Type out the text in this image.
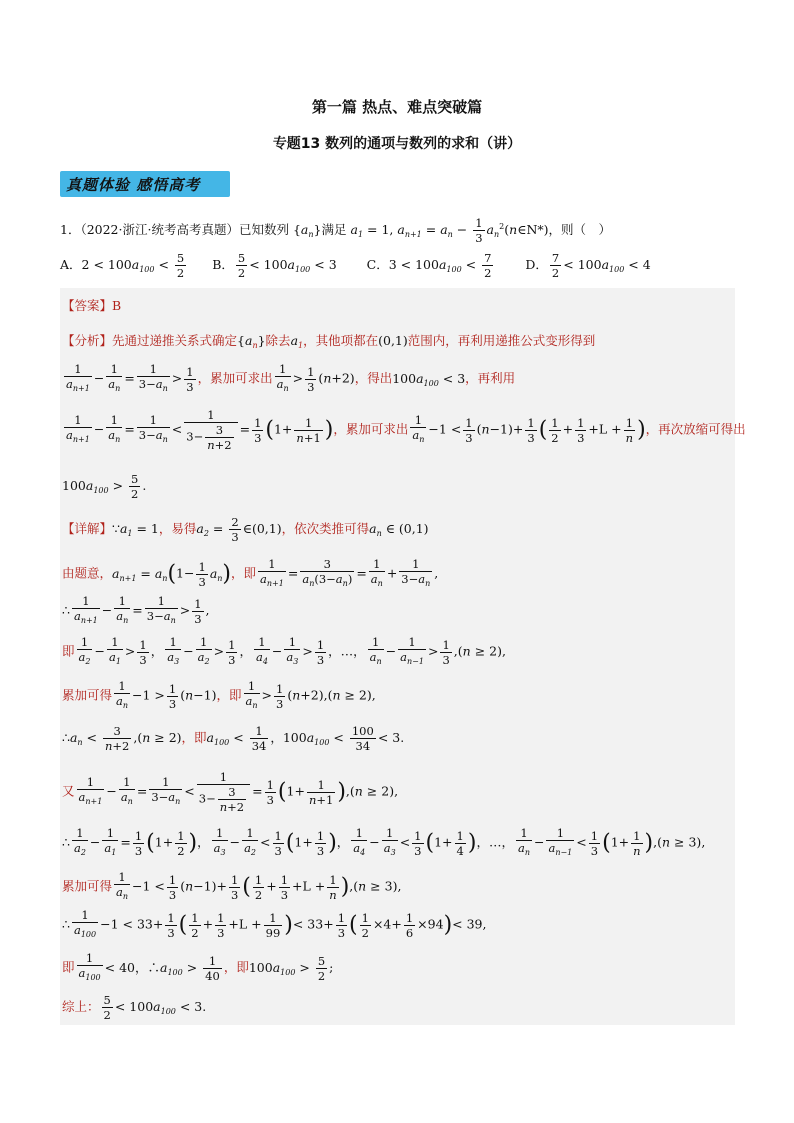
第一篇 热点、难点突破篇
专题13 数列的通项与数列的求和（讲）
真题体验 感悟高考
1．（2022·浙江·统考高考真题）已知数列 $\{a_n\}$满足 $a_1 = 1$, $a_{n+1} = a_n - \frac{1}{3}$ $a_n^2(n\in N*)$，则（　）
A．$2 < 100a_{100} < \frac{5}{2}$ B． $\frac{5}{2} < 100a_{100} < 3$ C．$3 < 100a_{100} < \frac{7}{2}$	D． $\frac{7}{2} < 100a_{100} < 4$
【答案】B
【分析】先通过递推关系式确定$\{a_n\}$除去$a_1$，其他项都在(0,1)范围内，再利用递推公式变形得到
$\frac{1}{a_{n+1}} - \frac{1}{a_n} = \frac{1}{3-a_n} > \frac{1}{3}$ ，累加可求出 $\frac{1}{a_n} > \frac{1}{3} (n+2)$，得出$100a_{100} < 3$，再利用
$\frac{1}{a_{n+1}} - \frac{1}{a_n} = \frac{1}{3-a_n} < \frac{1}{3- \frac{3}{n+2}} = \frac{1}{3} (1+ \frac{1}{n+1}$ )，累加可求出 $\frac{1}{a_n} -1 < \frac{1}{3} (n-1)+ \frac{1}{3}$ ( $\frac{1}{2} + \frac{1}{3} +L + \frac{1}{n}$ )，再次放缩可得出
$100a_{100} > \frac{5}{2}$ .
【详解】$\because a_1 = 1$，易得$a_2 = \frac{2}{3}$ ∈(0,1)，依次类推可得$a_n$ ∈ (0,1)
由题意，$a_{n+1} = a_n(1- \frac{1}{3} a_n)$，即 $\frac{1}{a_{n+1}} = \frac{3}{a_n(3-a_n)} = \frac{1}{a_n} + \frac{1}{3-a_n}$ ,
∴ $\frac{1}{a_{n+1}} - \frac{1}{a_n} = \frac{1}{3-a_n} > \frac{1}{3}$ ,
即 $\frac{1}{a_2} - \frac{1}{a_1} > \frac{1}{3}$ ， $\frac{1}{a_3} - \frac{1}{a_2} > \frac{1}{3}$ ， $\frac{1}{a_4} - \frac{1}{a_3} > \frac{1}{3}$ ，…， $\frac{1}{a_n} - \frac{1}{a_{n-1}} > \frac{1}{3} ,(n \ge 2)$,
累加可得 $\frac{1}{a_n} -1 > \frac{1}{3} (n-1)$，即 $\frac{1}{a_n} > \frac{1}{3} (n+2),(n \ge 2)$,
$\therefore a_n < \frac{3}{n+2} ,(n \ge 2)$，即$a_{100} < \frac{1}{34}$ ，$100a_{100} < \frac{100}{34} < 3$.
又 $\frac{1}{a_{n+1}} - \frac{1}{a_n} = \frac{1}{3-a_n} < \frac{1}{3- \frac{3}{n+2}} = \frac{1}{3} (1+ \frac{1}{n+1} ),(n \ge 2)$,
∴ $\frac{1}{a_2} - \frac{1}{a_1} = \frac{1}{3} (1+ \frac{1}{2}$ )， $\frac{1}{a_3} - \frac{1}{a_2} < \frac{1}{3} (1+ \frac{1}{3}$ )， $\frac{1}{a_4} - \frac{1}{a_3} < \frac{1}{3} (1+ \frac{1}{4}$ )，…， $\frac{1}{a_n} - \frac{1}{a_{n-1}} < \frac{1}{3} (1+ \frac{1}{n} ),(n \ge 3)$,
累加可得 $\frac{1}{a_n} -1 < \frac{1}{3} (n-1)+ \frac{1}{3}$ ( $\frac{1}{2} + \frac{1}{3} +L + \frac{1}{n} ),(n \ge 3)$,
∴ $\frac{1}{a_{100}} -1 < 33+ \frac{1}{3}$ ( $\frac{1}{2} + \frac{1}{3} +L + \frac{1}{99}$ )< $33+ \frac{1}{3}$ ( $\frac{1}{2} \times 4+ \frac{1}{6} \times 94)< 39$,
即 $\frac{1}{a_{100}} < 40$，$\therefore a_{100} > \frac{1}{40}$ ，即$100a_{100} > \frac{5}{2}$ ;
综上： $\frac{5}{2} < 100a_{100} < 3$.
